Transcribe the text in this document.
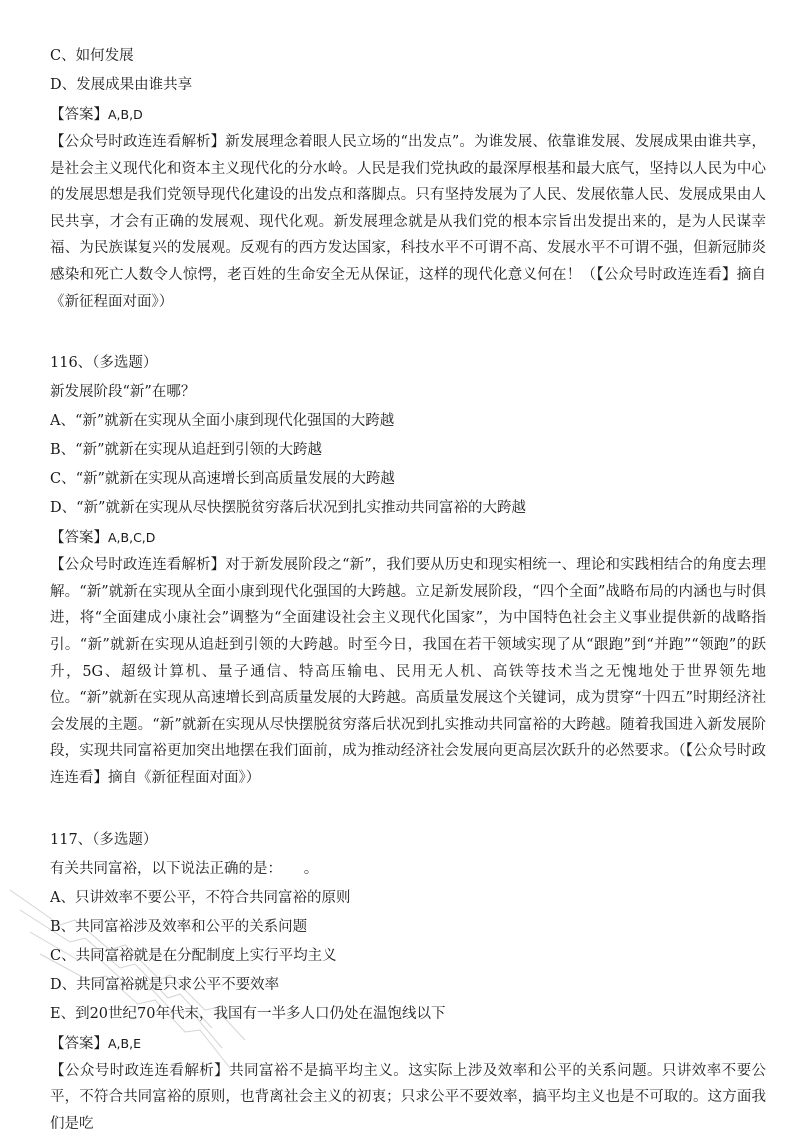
C、如何发展
D、发展成果由谁共享
【答案】A,B,D
【公众号时政连连看解析】新发展理念着眼人民立场的“出发点”。为谁发展、依靠谁发展、发展成果由谁共享，是社会主义现代化和资本主义现代化的分水岭。人民是我们党执政的最深厚根基和最大底气，坚持以人民为中心的发展思想是我们党领导现代化建设的出发点和落脚点。只有坚持发展为了人民、发展依靠人民、发展成果由人民共享，才会有正确的发展观、现代化观。新发展理念就是从我们党的根本宗旨出发提出来的，是为人民谋幸福、为民族谋复兴的发展观。反观有的西方发达国家，科技水平不可谓不高、发展水平不可谓不强，但新冠肺炎感染和死亡人数令人惊愕，老百姓的生命安全无从保证，这样的现代化意义何在！（【公众号时政连连看】摘自《新征程面对面》）
116、（多选题）
新发展阶段“新”在哪？
A、“新”就新在实现从全面小康到现代化强国的大跨越
B、“新”就新在实现从追赶到引领的大跨越
C、“新”就新在实现从高速增长到高质量发展的大跨越
D、“新”就新在实现从尽快摆脱贫穷落后状况到扎实推动共同富裕的大跨越
【答案】A,B,C,D
【公众号时政连连看解析】对于新发展阶段之“新”，我们要从历史和现实相统一、理论和实践相结合的角度去理解。“新”就新在实现从全面小康到现代化强国的大跨越。立足新发展阶段，“四个全面”战略布局的内涵也与时俱进，将“全面建成小康社会”调整为“全面建设社会主义现代化国家”，为中国特色社会主义事业提供新的战略指引。“新”就新在实现从追赶到引领的大跨越。时至今日，我国在若干领域实现了从“跟跑”到“并跑”“领跑”的跃升，5G、超级计算机、量子通信、特高压输电、民用无人机、高铁等技术当之无愧地处于世界领先地位。“新”就新在实现从高速增长到高质量发展的大跨越。高质量发展这个关键词，成为贯穿“十四五”时期经济社会发展的主题。“新”就新在实现从尽快摆脱贫穷落后状况到扎实推动共同富裕的大跨越。随着我国进入新发展阶段，实现共同富裕更加突出地摆在我们面前，成为推动经济社会发展向更高层次跃升的必然要求。（【公众号时政连连看】摘自《新征程面对面》）
117、（多选题）
有关共同富裕，以下说法正确的是：　　。
A、只讲效率不要公平，不符合共同富裕的原则
B、共同富裕涉及效率和公平的关系问题
C、共同富裕就是在分配制度上实行平均主义
D、共同富裕就是只求公平不要效率
E、到20世纪70年代末，我国有一半多人口仍处在温饱线以下
【答案】A,B,E
【公众号时政连连看解析】共同富裕不是搞平均主义。这实际上涉及效率和公平的关系问题。只讲效率不要公平，不符合共同富裕的原则，也背离社会主义的初衷；只求公平不要效率，搞平均主义也是不可取的。这方面我们是吃
